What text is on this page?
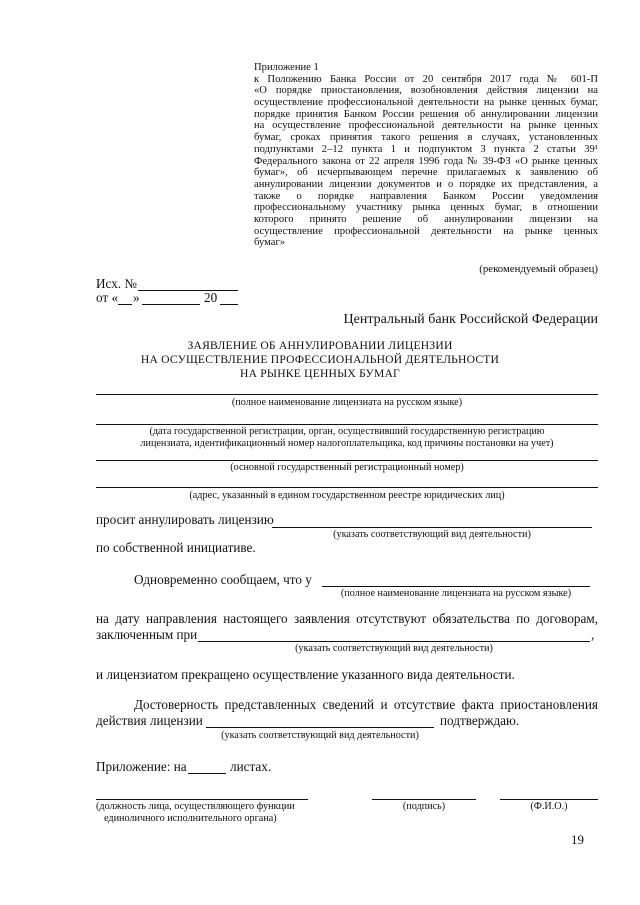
Приложение 1
к Положению Банка России от 20 сентября 2017 года № 601-П
«О порядке приостановления, возобновления действия лицензии на
осуществление профессиональной деятельности на рынке ценных бумаг,
порядке принятия Банком России решения об аннулировании лицензии
на осуществление профессиональной деятельности на рынке ценных
бумаг, сроках принятия такого решения в случаях, установленных
подпунктами 2–12 пункта 1 и подпунктом 3 пункта 2 статьи 39¹
Федерального закона от 22 апреля 1996 года № 39-ФЗ «О рынке ценных
бумаг», об исчерпывающем перечне прилагаемых к заявлению об
аннулировании лицензии документов и о порядке их представления, а
также о порядке направления Банком России уведомления
профессиональному участнику рынка ценных бумаг, в отношении
которого принято решение об аннулировании лицензии на
осуществление профессиональной деятельности на рынке ценных
бумаг»
(рекомендуемый образец)
Исх. №
от « »	20
Центральный банк Российской Федерации
ЗАЯВЛЕНИЕ ОБ АННУЛИРОВАНИИ ЛИЦЕНЗИИ
НА ОСУЩЕСТВЛЕНИЕ ПРОФЕССИОНАЛЬНОЙ ДЕЯТЕЛЬНОСТИ
НА РЫНКЕ ЦЕННЫХ БУМАГ
(полное наименование лицензиата на русском языке)
(дата государственной регистрации, орган, осуществивший государственную регистрацию
лицензиата, идентификационный номер налогоплательщика, код причины постановки на учет)
(основной государственный регистрационный номер)
(адрес, указанный в едином государственном реестре юридических лиц)
просит аннулировать лицензию
(указать соответствующий вид деятельности)
по собственной инициативе.
Одновременно сообщаем, что у
(полное наименование лицензиата на русском языке)
на дату направления настоящего заявления отсутствуют обязательства по договорам,
заключенным при	,
(указать соответствующий вид деятельности)
и лицензиатом прекращено осуществление указанного вида деятельности.
Достоверность представленных сведений и отсутствие факта приостановления
действия лицензии	подтверждаю.
(указать соответствующий вид деятельности)
Приложение: на	листах.
(должность лица, осуществляющего функции
единоличного исполнительного органа)
(подпись)	(Ф.И.О.)
19
